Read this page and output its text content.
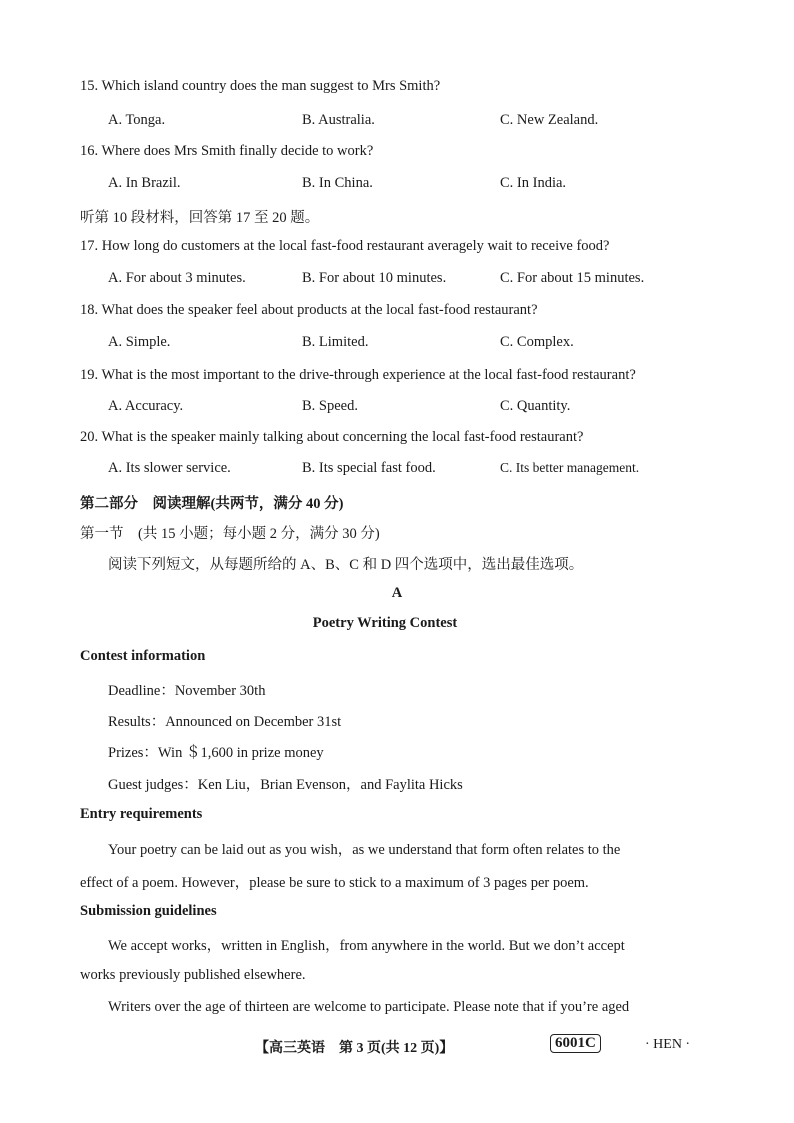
15. Which island country does the man suggest to Mrs Smith?
A. Tonga.	B. Australia.	C. New Zealand.
16. Where does Mrs Smith finally decide to work?
A. In Brazil.	B. In China.	C. In India.
听第 10 段材料，回答第 17 至 20 题。
17. How long do customers at the local fast-food restaurant averagely wait to receive food?
A. For about 3 minutes.	B. For about 10 minutes.	C. For about 15 minutes.
18. What does the speaker feel about products at the local fast-food restaurant?
A. Simple.	B. Limited.	C. Complex.
19. What is the most important to the drive-through experience at the local fast-food restaurant?
A. Accuracy.	B. Speed.	C. Quantity.
20. What is the speaker mainly talking about concerning the local fast-food restaurant?
A. Its slower service.	B. Its special fast food.	C. Its better management.
第二部分　阅读理解(共两节，满分 40 分)
第一节　(共 15 小题；每小题 2 分，满分 30 分)
阅读下列短文，从每题所给的 A、B、C 和 D 四个选项中，选出最佳选项。
A
Poetry Writing Contest
Contest information
Deadline：November 30th
Results：Announced on December 31st
Prizes：Win ＄1,600 in prize money
Guest judges：Ken Liu，Brian Evenson，and Faylita Hicks
Entry requirements
Your poetry can be laid out as you wish，as we understand that form often relates to the
effect of a poem. However，please be sure to stick to a maximum of 3 pages per poem.
Submission guidelines
We accept works，written in English，from anywhere in the world. But we don’t accept
works previously published elsewhere.
Writers over the age of thirteen are welcome to participate. Please note that if you’re aged
【高三英语　第 3 页(共 12 页)】	6001C	· HEN ·
